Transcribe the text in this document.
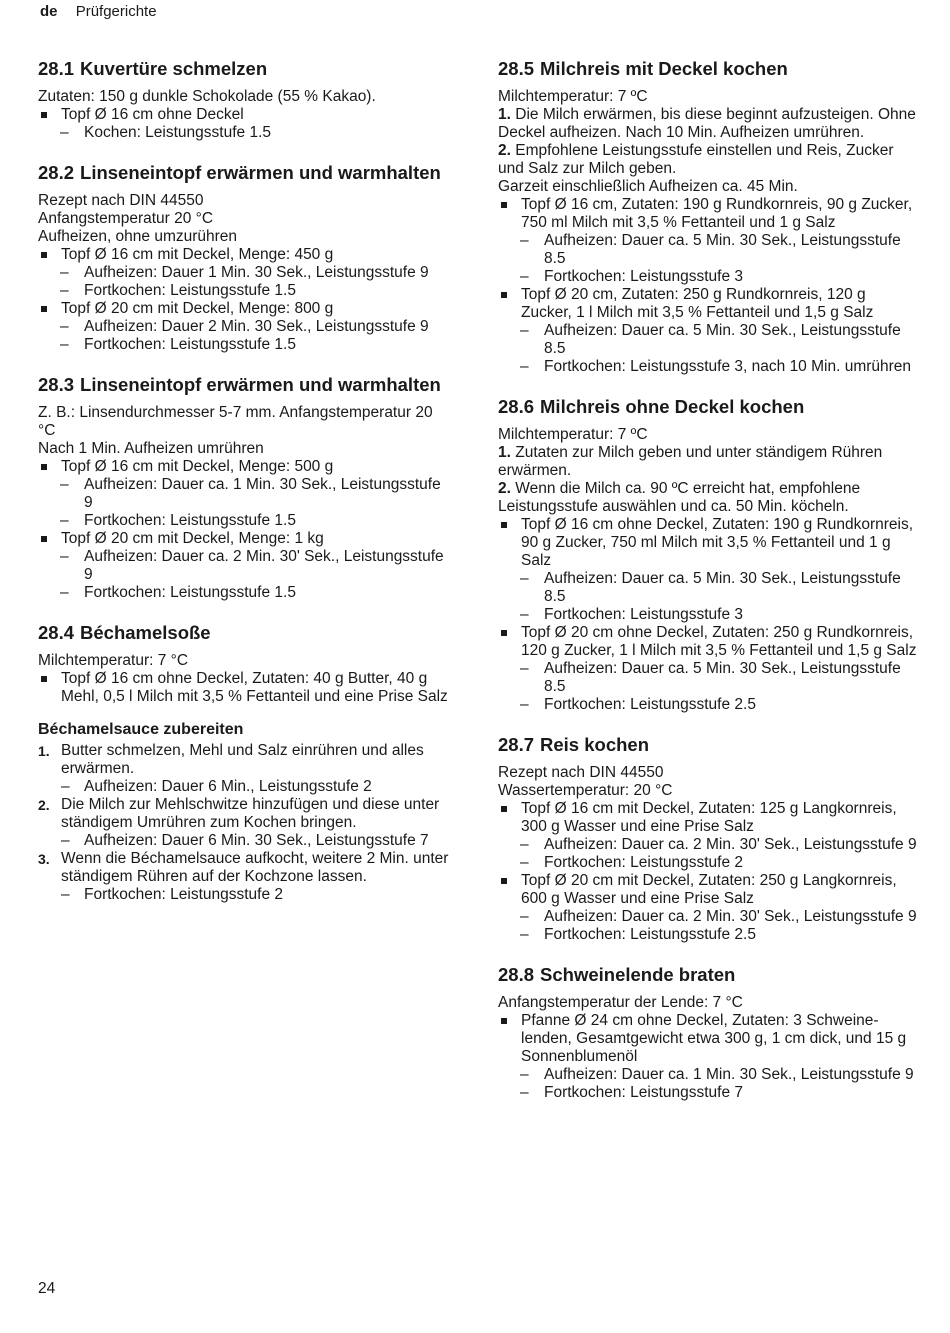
de Prüfgerichte
28.1 Kuvertüre schmelzen

Zutaten: 150 g dunkle Schokolade (55 % Kakao).

Topf Ø 16 cm ohne Deckel
– Kochen: Leistungsstufe 1.5
28.2 Linseneintopf erwärmen und warmhalten

Rezept nach DIN 44550

Anfangstemperatur 20 °C

Aufheizen, ohne umzurühren

Topf Ø 16 cm mit Deckel, Menge: 450 g
– Aufheizen: Dauer 1 Min. 30 Sek., Leistungsstufe 9
– Fortkochen: Leistungsstufe 1.5
Topf Ø 20 cm mit Deckel, Menge: 800 g
– Aufheizen: Dauer 2 Min. 30 Sek., Leistungsstufe 9
– Fortkochen: Leistungsstufe 1.5
28.3 Linseneintopf erwärmen und warmhalten

Z. B.: Linsendurchmesser 5-7 mm. Anfangstemperatur 20 °C

Nach 1 Min. Aufheizen umrühren

Topf Ø 16 cm mit Deckel, Menge: 500 g
– Aufheizen: Dauer ca. 1 Min. 30 Sek., Leistungsstufe 9
– Fortkochen: Leistungsstufe 1.5
Topf Ø 20 cm mit Deckel, Menge: 1 kg
– Aufheizen: Dauer ca. 2 Min. 30' Sek., Leistungsstufe 9
– Fortkochen: Leistungsstufe 1.5
28.4 Béchamelsoße

Milchtemperatur: 7 °C

Topf Ø 16 cm ohne Deckel, Zutaten: 40 g Butter, 40 g Mehl, 0,5 l Milch mit 3,5 % Fettanteil und eine Prise Salz
Béchamelsauce zubereiten
1. Butter schmelzen, Mehl und Salz einrühren und alles erwärmen.
– Aufheizen: Dauer 6 Min., Leistungsstufe 2
2. Die Milch zur Mehlschwitze hinzufügen und diese unter ständigem Umrühren zum Kochen bringen.
– Aufheizen: Dauer 6 Min. 30 Sek., Leistungsstufe 7
3. Wenn die Béchamelsauce aufkocht, weitere 2 Min. unter ständigem Rühren auf der Kochzone lassen.
– Fortkochen: Leistungsstufe 2
28.5 Milchreis mit Deckel kochen

Milchtemperatur: 7 ºC

1. Die Milch erwärmen, bis diese beginnt aufzusteigen. Ohne Deckel aufheizen. Nach 10 Min. Aufheizen umrühren.

2. Empfohlene Leistungsstufe einstellen und Reis, Zucker und Salz zur Milch geben.

Garzeit einschließlich Aufheizen ca. 45 Min.

Topf Ø 16 cm, Zutaten: 190 g Rundkornreis, 90 g Zucker, 750 ml Milch mit 3,5 % Fettanteil und 1 g Salz
– Aufheizen: Dauer ca. 5 Min. 30 Sek., Leistungsstufe 8.5
– Fortkochen: Leistungsstufe 3
Topf Ø 20 cm, Zutaten: 250 g Rundkornreis, 120 g Zucker, 1 l Milch mit 3,5 % Fettanteil und 1,5 g Salz
– Aufheizen: Dauer ca. 5 Min. 30 Sek., Leistungsstufe 8.5
– Fortkochen: Leistungsstufe 3, nach 10 Min. umrühren
28.6 Milchreis ohne Deckel kochen

Milchtemperatur: 7 ºC

1. Zutaten zur Milch geben und unter ständigem Rühren erwärmen.

2. Wenn die Milch ca. 90 ºC erreicht hat, empfohlene Leistungsstufe auswählen und ca. 50 Min. köcheln.

Topf Ø 16 cm ohne Deckel, Zutaten: 190 g Rundkornreis, 90 g Zucker, 750 ml Milch mit 3,5 % Fettanteil und 1 g Salz
– Aufheizen: Dauer ca. 5 Min. 30 Sek., Leistungsstufe 8.5
– Fortkochen: Leistungsstufe 3
Topf Ø 20 cm ohne Deckel, Zutaten: 250 g Rundkornreis, 120 g Zucker, 1 l Milch mit 3,5 % Fettanteil und 1,5 g Salz
– Aufheizen: Dauer ca. 5 Min. 30 Sek., Leistungsstufe 8.5
– Fortkochen: Leistungsstufe 2.5
28.7 Reis kochen

Rezept nach DIN 44550

Wassertemperatur: 20 °C

Topf Ø 16 cm mit Deckel, Zutaten: 125 g Langkornreis, 300 g Wasser und eine Prise Salz
– Aufheizen: Dauer ca. 2 Min. 30' Sek., Leistungsstufe 9
– Fortkochen: Leistungsstufe 2
Topf Ø 20 cm mit Deckel, Zutaten: 250 g Langkornreis, 600 g Wasser und eine Prise Salz
– Aufheizen: Dauer ca. 2 Min. 30' Sek., Leistungsstufe 9
– Fortkochen: Leistungsstufe 2.5
28.8 Schweinelende braten

Anfangstemperatur der Lende: 7 °C

Pfanne Ø 24 cm ohne Deckel, Zutaten: 3 Schweinelenden, Gesamtgewicht etwa 300 g, 1 cm dick, und 15 g Sonnenblumenöl
– Aufheizen: Dauer ca. 1 Min. 30 Sek., Leistungsstufe 9
– Fortkochen: Leistungsstufe 7
24
